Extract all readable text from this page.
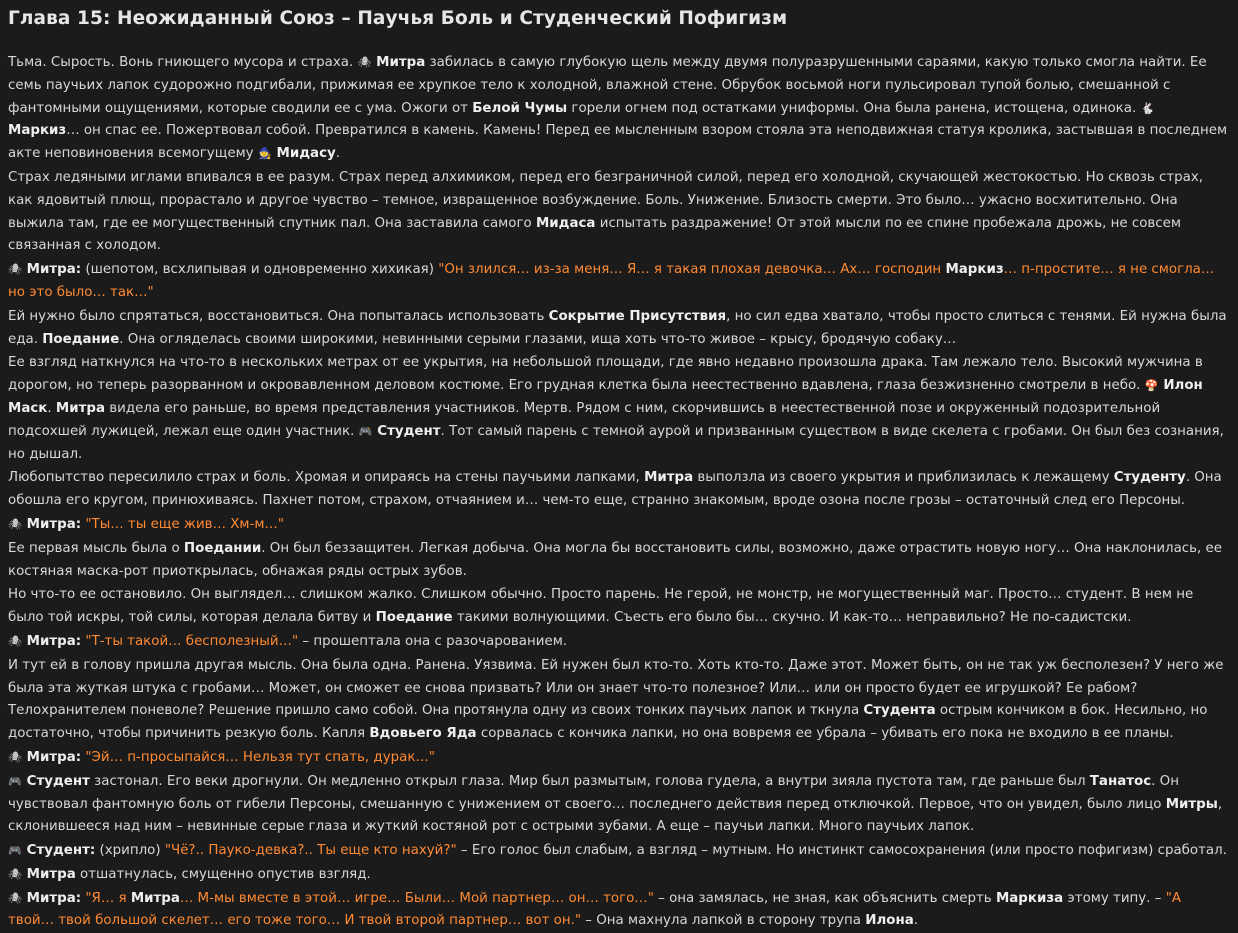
Глава 15: Неожиданный Союз – Паучья Боль и Студенческий Пофигизм

Тьма. Сырость. Вонь гниющего мусора и страха. 🕷 Митра забилась в самую глубокую щель между двумя полуразрушенными сараями, какую только смогла найти. Ее семь паучьих лапок судорожно подгибали, прижимая ее хрупкое тело к холодной, влажной стене. Обрубок восьмой ноги пульсировал тупой болью, смешанной с фантомными ощущениями, которые сводили ее с ума. Ожоги от Белой Чумы горели огнем под остатками униформы. Она была ранена, истощена, одинока. 🐇 Маркиз… он спас ее. Пожертвовал собой. Превратился в камень. Камень! Перед ее мысленным взором стояла эта неподвижная статуя кролика, застывшая в последнем акте неповиновения всемогущему 🧙 Мидасу.

Страх ледяными иглами впивался в ее разум. Страх перед алхимиком, перед его безграничной силой, перед его холодной, скучающей жестокостью. Но сквозь страх, как ядовитый плющ, прорастало и другое чувство – темное, извращенное возбуждение. Боль. Унижение. Близость смерти. Это было… ужасно восхитительно. Она выжила там, где ее могущественный спутник пал. Она заставила самого Мидаса испытать раздражение! От этой мысли по ее спине пробежала дрожь, не совсем связанная с холодом.

🕷 Митра: (шепотом, всхлипывая и одновременно хихикая) "Он злился… из-за меня… Я… я такая плохая девочка… Ах… господин Маркиз… п-простите… я не смогла… но это было… так…"

Ей нужно было спрятаться, восстановиться. Она попыталась использовать Сокрытие Присутствия, но сил едва хватало, чтобы просто слиться с тенями. Ей нужна была еда. Поедание. Она огляделась своими широкими, невинными серыми глазами, ища хоть что-то живое – крысу, бродячую собаку…

Ее взгляд наткнулся на что-то в нескольких метрах от ее укрытия, на небольшой площади, где явно недавно произошла драка. Там лежало тело. Высокий мужчина в дорогом, но теперь разорванном и окровавленном деловом костюме. Его грудная клетка была неестественно вдавлена, глаза безжизненно смотрели в небо. 🍄 Илон Маск. Митра видела его раньше, во время представления участников. Мертв. Рядом с ним, скорчившись в неестественной позе и окруженный подозрительной подсохшей лужицей, лежал еще один участник. 🎮 Студент. Тот самый парень с темной аурой и призванным существом в виде скелета с гробами. Он был без сознания, но дышал.

Любопытство пересилило страх и боль. Хромая и опираясь на стены паучьими лапками, Митра выползла из своего укрытия и приблизилась к лежащему Студенту. Она обошла его кругом, принюхиваясь. Пахнет потом, страхом, отчаянием и… чем-то еще, странно знакомым, вроде озона после грозы – остаточный след его Персоны.

🕷 Митра: "Ты… ты еще жив… Хм-м…"

Ее первая мысль была о Поедании. Он был беззащитен. Легкая добыча. Она могла бы восстановить силы, возможно, даже отрастить новую ногу… Она наклонилась, ее костяная маска-рот приоткрылась, обнажая ряды острых зубов.

Но что-то ее остановило. Он выглядел… слишком жалко. Слишком обычно. Просто парень. Не герой, не монстр, не могущественный маг. Просто… студент. В нем не было той искры, той силы, которая делала битву и Поедание такими волнующими. Съесть его было бы… скучно. И как-то… неправильно? Не по-садистски.

🕷 Митра: "Т-ты такой… бесполезный…" – прошептала она с разочарованием.

И тут ей в голову пришла другая мысль. Она была одна. Ранена. Уязвима. Ей нужен был кто-то. Хоть кто-то. Даже этот. Может быть, он не так уж бесполезен? У него же была эта жуткая штука с гробами… Может, он сможет ее снова призвать? Или он знает что-то полезное? Или… или он просто будет ее игрушкой? Ее рабом? Телохранителем поневоле? Решение пришло само собой. Она протянула одну из своих тонких паучьих лапок и ткнула Студента острым кончиком в бок. Несильно, но достаточно, чтобы причинить резкую боль. Капля Вдовьего Яда сорвалась с кончика лапки, но она вовремя ее убрала – убивать его пока не входило в ее планы.

🕷 Митра: "Эй… п-просыпайся… Нельзя тут спать, дурак…"

🎮 Студент застонал. Его веки дрогнули. Он медленно открыл глаза. Мир был размытым, голова гудела, а внутри зияла пустота там, где раньше был Танатос. Он чувствовал фантомную боль от гибели Персоны, смешанную с унижением от своего… последнего действия перед отключкой. Первое, что он увидел, было лицо Митры, склонившееся над ним – невинные серые глаза и жуткий костяной рот с острыми зубами. А еще – паучьи лапки. Много паучьих лапок.

🎮 Студент: (хрипло) "Чё?.. Пауко-девка?.. Ты еще кто нахуй?" – Его голос был слабым, а взгляд – мутным. Но инстинкт самосохранения (или просто пофигизм) сработал.

🕷 Митра отшатнулась, смущенно опустив взгляд.

🕷 Митра: "Я… я Митра… М-мы вместе в этой… игре… Были… Мой партнер… он… того…" – она замялась, не зная, как объяснить смерть Маркиза этому типу. – "А твой… твой большой скелет… его тоже того… И твой второй партнер… вот он." – Она махнула лапкой в сторону трупа Илона.
